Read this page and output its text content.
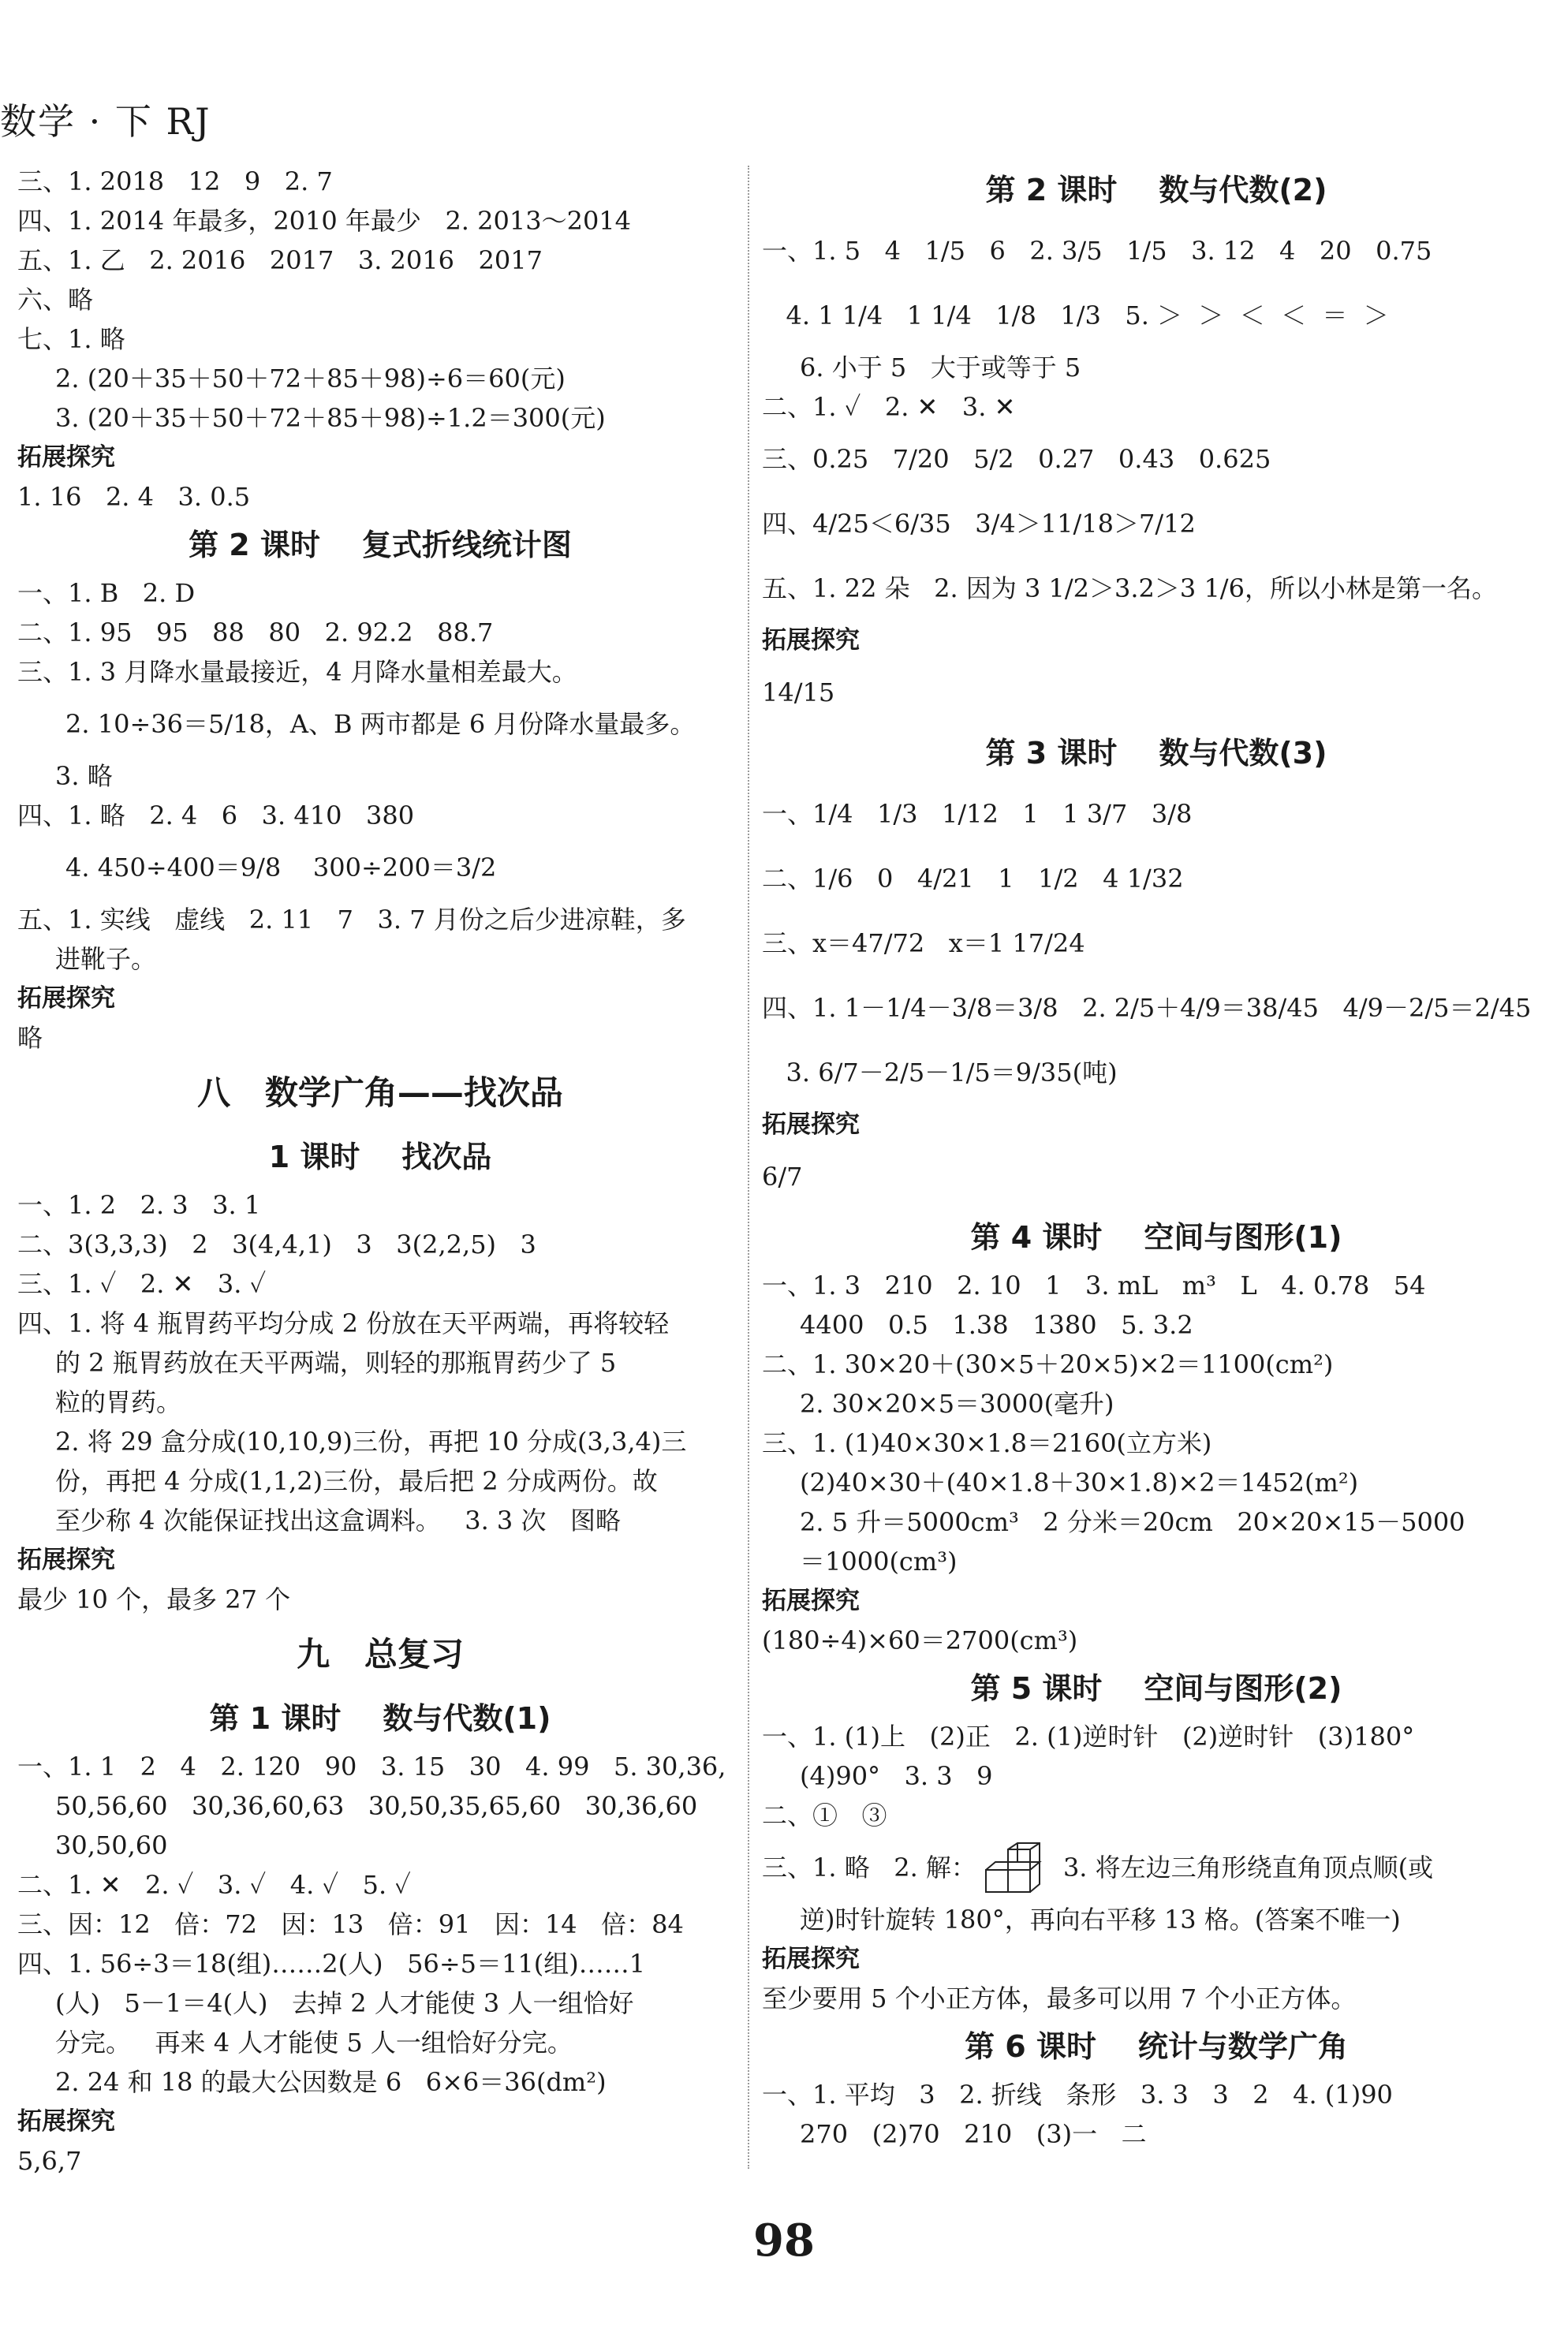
数学 · 下 RJ
三、1. 2018   12   9   2. 7
四、1. 2014 年最多，2010 年最少   2. 2013～2014
五、1. 乙   2. 2016   2017   3. 2016   2017
六、略
七、1. 略
2. (20＋35＋50＋72＋85＋98)÷6＝60(元)
3. (20＋35＋50＋72＋85＋98)÷1.2＝300(元)
拓展探究
1. 16   2. 4   3. 0.5
第 2 课时    复式折线统计图
一、1. B   2. D
二、1. 95   95   88   80   2. 92.2   88.7
三、1. 3 月降水量最接近，4 月降水量相差最大。
2. 10÷36＝5/18，A、B 两市都是 6 月份降水量最多。
3. 略
四、1. 略   2. 4   6   3. 410   380
4. 450÷400＝9/8    300÷200＝3/2
五、1. 实线   虚线   2. 11   7   3. 7 月份之后少进凉鞋，多
进靴子。
拓展探究
略
八   数学广角——找次品
1 课时    找次品
一、1. 2   2. 3   3. 1
二、3(3,3,3)   2   3(4,4,1)   3   3(2,2,5)   3
三、1. ✓   2. ✕   3. ✓
四、1. 将 4 瓶胃药平均分成 2 份放在天平两端，再将较轻
的 2 瓶胃药放在天平两端，则轻的那瓶胃药少了 5
粒的胃药。
2. 将 29 盒分成(10,10,9)三份，再把 10 分成(3,3,4)三
份，再把 4 分成(1,1,2)三份，最后把 2 分成两份。故
至少称 4 次能保证找出这盒调料。   3. 3 次   图略
拓展探究
最少 10 个，最多 27 个
九   总复习
第 1 课时    数与代数(1)
一、1. 1   2   4   2. 120   90   3. 15   30   4. 99   5. 30,36,
50,56,60   30,36,60,63   30,50,35,65,60   30,36,60
30,50,60
二、1. ✕   2. ✓   3. ✓   4. ✓   5. ✓
三、因：12   倍：72   因：13   倍：91   因：14   倍：84
四、1. 56÷3＝18(组)……2(人)   56÷5＝11(组)……1
(人)   5－1＝4(人)   去掉 2 人才能使 3 人一组恰好
分完。   再来 4 人才能使 5 人一组恰好分完。
2. 24 和 18 的最大公因数是 6   6×6＝36(dm²)
拓展探究
5,6,7
第 2 课时    数与代数(2)
一、1. 5   4   1/5   6   2. 3/5   1/5   3. 12   4   20   0.75
4. 1 1/4   1 1/4   1/8   1/3   5. ＞  ＞  ＜  ＜  ＝  ＞
6. 小于 5   大于或等于 5
二、1. ✓   2. ✕   3. ✕
三、0.25   7/20   5/2   0.27   0.43   0.625
四、4/25＜6/35   3/4＞11/18＞7/12
五、1. 22 朵   2. 因为 3 1/2＞3.2＞3 1/6，所以小林是第一名。
拓展探究
14/15
第 3 课时    数与代数(3)
一、1/4   1/3   1/12   1   1 3/7   3/8
二、1/6   0   4/21   1   1/2   4 1/32
三、x＝47/72   x＝1 17/24
四、1. 1－1/4－3/8＝3/8   2. 2/5＋4/9＝38/45   4/9－2/5＝2/45
3. 6/7－2/5－1/5＝9/35(吨)
拓展探究
6/7
第 4 课时    空间与图形(1)
一、1. 3   210   2. 10   1   3. mL   m³   L   4. 0.78   54
4400   0.5   1.38   1380   5. 3.2
二、1. 30×20＋(30×5＋20×5)×2＝1100(cm²)
2. 30×20×5＝3000(毫升)
三、1. (1)40×30×1.8＝2160(立方米)
(2)40×30＋(40×1.8＋30×1.8)×2＝1452(m²)
2. 5 升＝5000cm³   2 分米＝20cm   20×20×15－5000
＝1000(cm³)
拓展探究
(180÷4)×60＝2700(cm³)
第 5 课时    空间与图形(2)
一、1. (1)上   (2)正   2. (1)逆时针   (2)逆时针   (3)180°
(4)90°   3. 3   9
二、①   ③
三、1. 略   2. 解：	3. 将左边三角形绕直角顶点顺(或
逆)时针旋转 180°，再向右平移 13 格。(答案不唯一)
拓展探究
至少要用 5 个小正方体，最多可以用 7 个小正方体。
第 6 课时    统计与数学广角
一、1. 平均   3   2. 折线   条形   3. 3   3   2   4. (1)90
270   (2)70   210   (3)一   二
98
